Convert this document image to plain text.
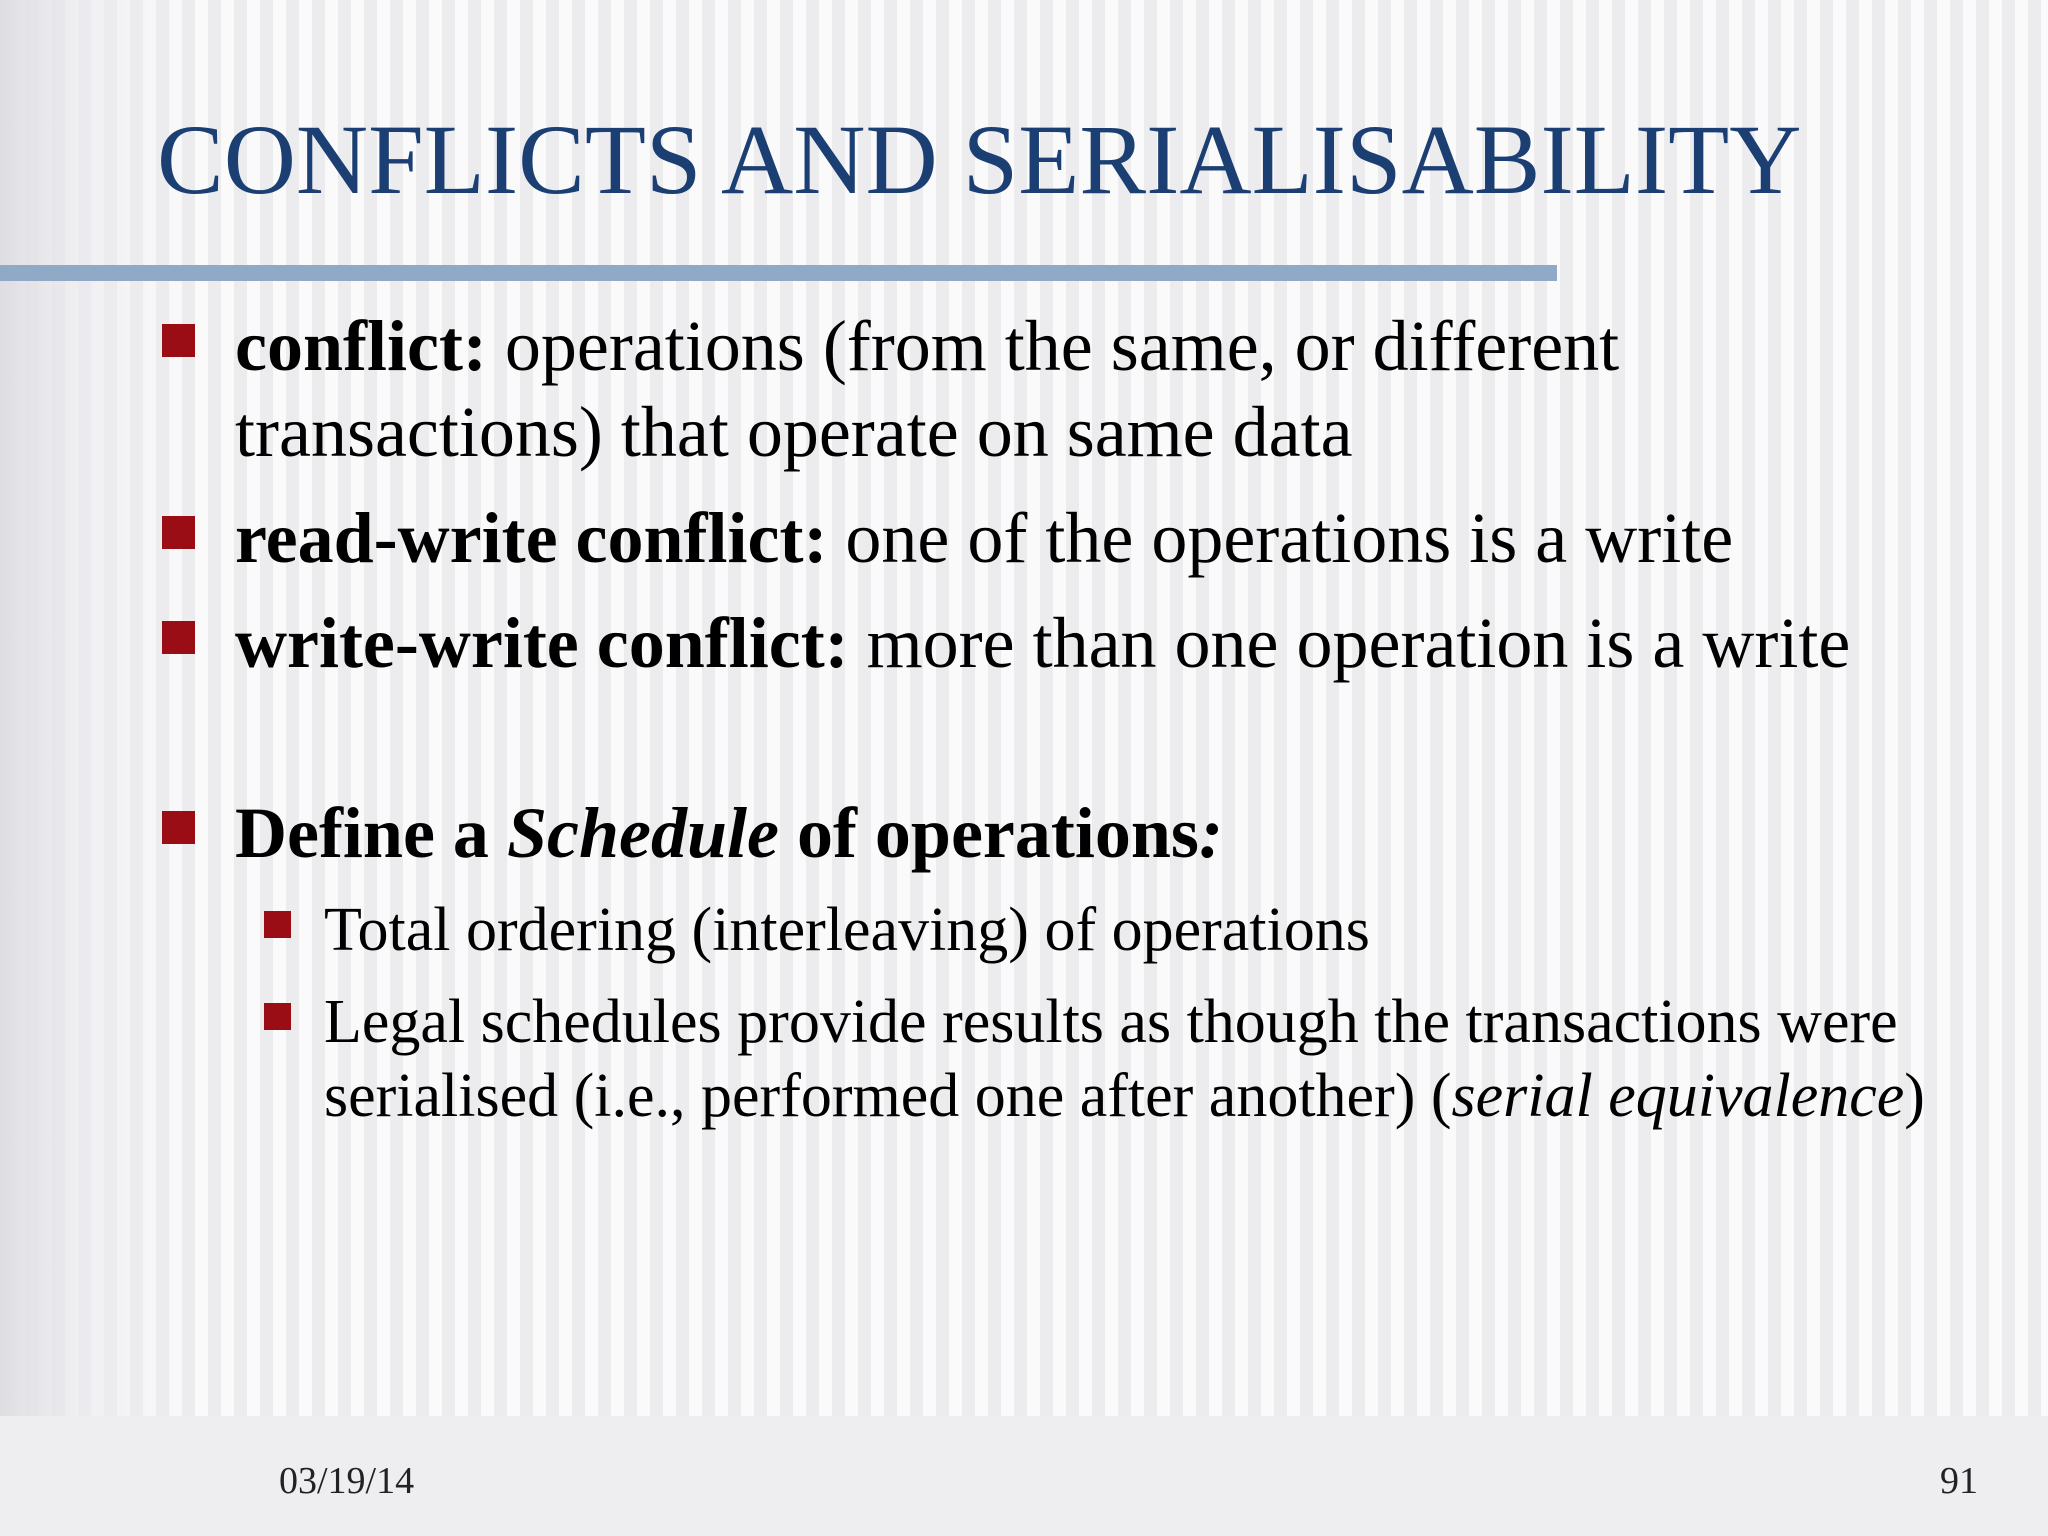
CONFLICTS AND SERIALISABILITY
conflict: operations (from the same, or different transactions) that operate on same data
read-write conflict: one of the operations is a write
write-write conflict: more than one operation is a write
Define a Schedule of operations:
Total ordering (interleaving) of operations
Legal schedules provide results as though the transactions were serialised (i.e., performed one after another) (serial equivalence)
03/19/14	91
